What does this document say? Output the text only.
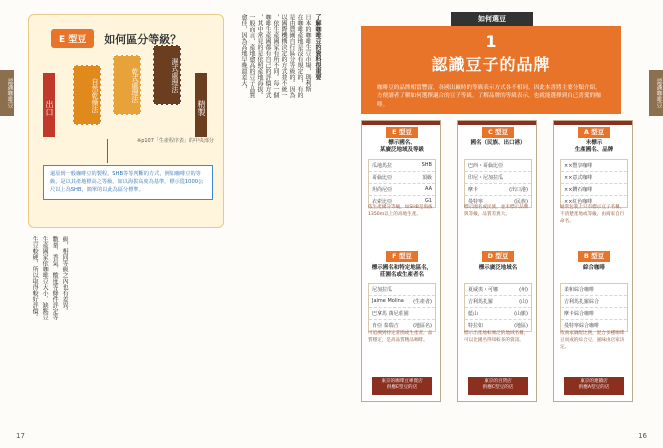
認識咖啡豆
E 型豆	如何區分等級？
出口	自然乾燥法	乾式處理法	濕式處理法
精製
※p107「生產程序表」的中央部分
還原到一般咖啡豆的製程。SHB等等判斷的方式，例如咖啡豆的等級，是以其產地標高之等級，如以海拔高度為基準，標示從1000公尺以上為SHB，簡單的以此為區分標準。
了解咖啡豆的資料很重要
日本的咖啡生豆市場，瑪利斯
在咖啡產地是沒有規定的，有的
是由農園自行區分等級的。因為
以國際機構決定的方式並不統一
，依生產國家有所不同。每一個
咖啡生產國都有自己的評價方式
，其中常見的是依照產地海拔。
一般而言，產地愈高的豆子品質
愈佳，因為高地早晚溫差大，
生豆較硬，所以取得較好評價。 生產國家依咖啡豆大小、缺點豆 數量、香氣、酸度等條件評定等 級，相同等級之內也有差異。
17
認識咖啡豆
如何選豆
1
認識豆子的品牌
咖啡豆的品牌相當豐富，各國出廠時的等級表示方式各不相同。因此本書將主要分類介紹，方便讀者了解如何選擇適合的豆子等級。了解品牌的等級表示，也就能選擇到自己喜愛的咖啡。
E 型豆
標示國名、
某廣泛地域及等級
瓜地馬拉	SHB
哥倫比亞	頂級
坦尚尼亞	AA
衣索比亞	G1
依生產國分等級，如SHB是海拔1350m以上的高地生產。
F 型豆
標示國名和特定地區名，
莊園名或生產者名
尼加拉瓜
Jaime Molina (生產者)
巴拿馬 萬尼莊園
肯亞 泰瑞吉	(地區名)
可追溯到特定莊園或生產者，品質穩定，是高品質精品咖啡。
東京的咖啡豆專賣店
供應E型豆的店
C 型豆
國名（民族、出口港）
巴西・哥倫比亞
印尼・尼加拉瓜
摩卡	(出口港)
曼特寧	(民族)
標示國名或民族，並未標示品牌與等級，品質差異大。
D 型豆
標示廣泛地域名
夏威夷・可娜	(州)
吉利馬扎羅	(山)
藍山	(山脈)
特拉如	(地區)
標示出產地較廣泛的地域名稱，可以比國名得知較多的資訊。
東京的百貨店
供應C型豆的店
A 型豆
未標示
生產國名、品牌
××豐享咖啡
××意式咖啡
××鑽石咖啡
××紅色咖啡
通常包裝上只有標示豆子名稱，不清楚產地或等級，由商家自行命名。
B 型豆
綜合咖啡
柔和綜合咖啡
吉利馬扎羅綜合
摩卡綜合咖啡
曼特寧綜合咖啡
依商家調配比例，混合多種咖啡豆而成的綜合豆，風味由店家決定。
東京的連鎖店
供應A型豆的店
16
